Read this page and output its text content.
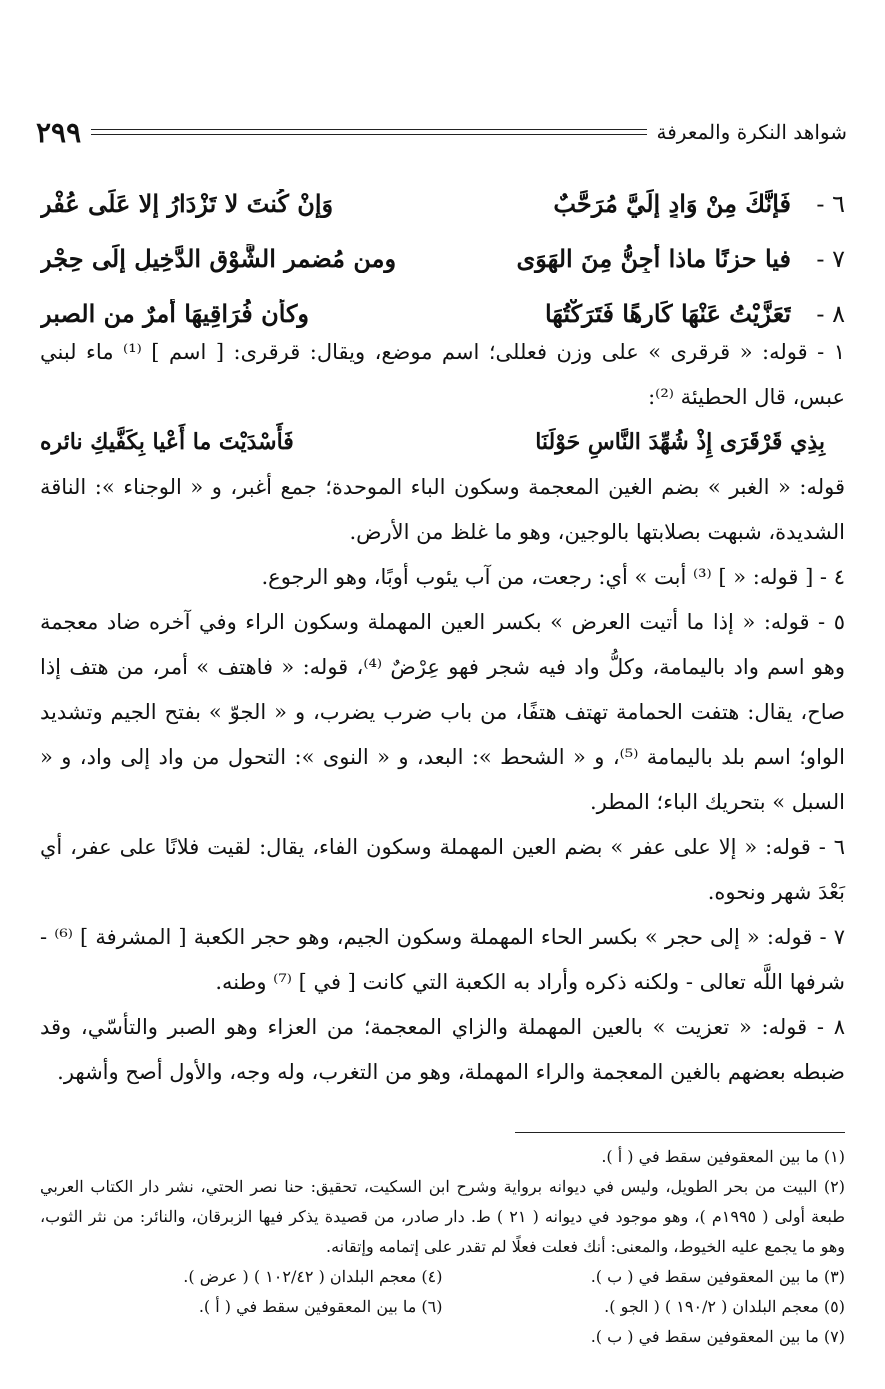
شواهد النكرة والمعرفة
٢٩٩
٦ -
فَإنَّكَ مِنْ وَادٍ إلَيَّ مُرَحَّبٌ
وَإنْ كُنتَ لا تَزْدَارُ إلا عَلَى عُفْرِ
٧ -
فيا حزنًا ماذا أُجِنُّ مِنَ الهَوَى
ومن مُضمرِ الشَّوْقِ الدَّخِيلِ إِلَى حِجْرِ
٨ -
تَعَزَّيْتُ عَنْهَا كَارِهًا فَتَرَكْتُهَا
وكأن فُرَاقِيهَا أمرٌ من الصبرِ

١ - قوله: « قرقرى » على وزن فعللى؛ اسم موضع، ويقال: قرقرى: [ اسم ] ⁽¹⁾ ماء لبني عبس، قال الحطيئة ⁽²⁾:

بِذِي قَرْقَرَى إِذْ شُهِّدَ النَّاسِ حَوْلَنَا
فَأَسْدَيْتَ ما أَعْيا بِكَفَّيكِ نائره

قوله: « الغبر » بضم الغين المعجمة وسكون الباء الموحدة؛ جمع أغبر، و « الوجناء »: الناقة الشديدة، شبهت بصلابتها بالوجين، وهو ما غلظ من الأرض.

٤ - [ قوله: « ] ⁽³⁾ أبت » أي: رجعت، من آب يئوب أوبًا، وهو الرجوع.

٥ - قوله: « إذا ما أتيت العرض » بكسر العين المهملة وسكون الراء وفي آخره ضاد معجمة وهو اسم واد باليمامة، وكلُّ واد فيه شجر فهو عِرْضٌ ⁽⁴⁾، قوله: « فاهتف » أمر، من هتف إذا صاح، يقال: هتفت الحمامة تهتف هتفًا، من باب ضرب يضرب، و « الجوّ » بفتح الجيم وتشديد الواو؛ اسم بلد باليمامة ⁽⁵⁾، و « الشحط »: البعد، و « النوى »: التحول من واد إلى واد، و « السبل » بتحريك الباء؛ المطر.

٦ - قوله: « إلا على عفر » بضم العين المهملة وسكون الفاء، يقال: لقيت فلانًا على عفر، أي بَعْدَ شهر ونحوه.

٧ - قوله: « إلى حجر » بكسر الحاء المهملة وسكون الجيم، وهو حجر الكعبة [ المشرفة ] ⁽⁶⁾ - شرفها اللَّه تعالى - ولكنه ذكره وأراد به الكعبة التي كانت [ في ] ⁽⁷⁾ وطنه.

٨ - قوله: « تعزيت » بالعين المهملة والزاي المعجمة؛ من العزاء وهو الصبر والتأسّي، وقد ضبطه بعضهم بالغين المعجمة والراء المهملة، وهو من التغرب، وله وجه، والأول أصح وأشهر.

(١) ما بين المعقوفين سقط في ( أ ).

(٢) البيت من بحر الطويل، وليس في ديوانه برواية وشرح ابن السكيت، تحقيق: حنا نصر الحتي، نشر دار الكتاب العربي طبعة أولى ( ١٩٩٥م )، وهو موجود في ديوانه ( ٢١ ) ط. دار صادر، من قصيدة يذكر فيها الزبرقان، والنائر: من نثر الثوب، وهو ما يجمع عليه الخيوط، والمعنى: أنك فعلت فعلًا لم تقدر على إتمامه وإتقانه.

(٣) ما بين المعقوفين سقط في ( ب ).
(٤) معجم البلدان ( ١٠٢/٤٢ ) ( عرض ).
(٥) معجم البلدان ( ١٩٠/٢ ) ( الجو ).
(٦) ما بين المعقوفين سقط في ( أ ).

(٧) ما بين المعقوفين سقط في ( ب ).
